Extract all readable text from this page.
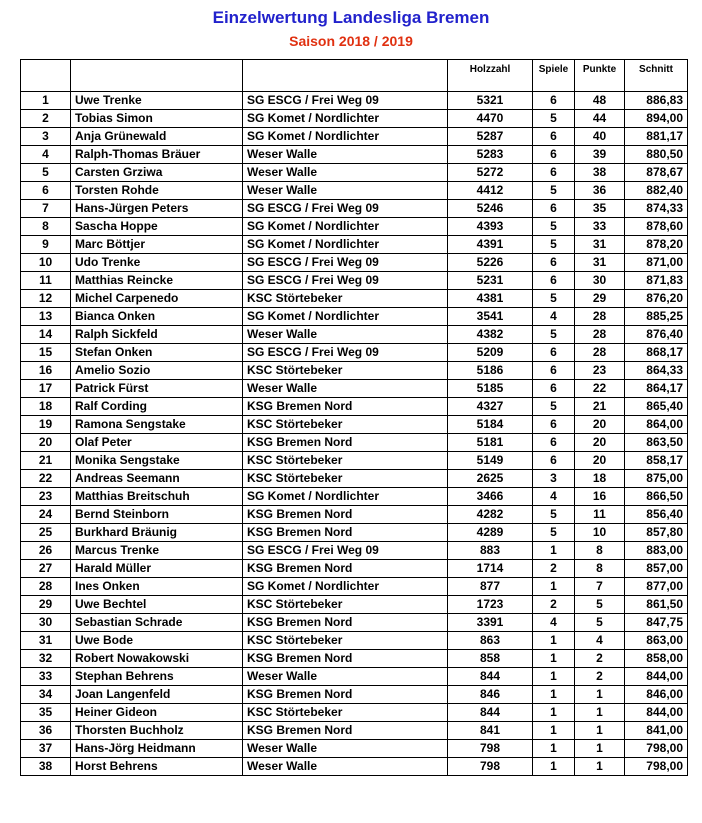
Einzelwertung Landesliga Bremen
Saison 2018 / 2019
			Holzzahl	Spiele	Punkte	Schnitt

1	Uwe Trenke	SG ESCG / Frei Weg 09	5321	6	48	886,83
2	Tobias Simon	SG Komet / Nordlichter	4470	5	44	894,00
3	Anja Grünewald	SG Komet / Nordlichter	5287	6	40	881,17
4	Ralph-Thomas Bräuer	Weser Walle	5283	6	39	880,50
5	Carsten Grziwa	Weser Walle	5272	6	38	878,67
6	Torsten Rohde	Weser Walle	4412	5	36	882,40
7	Hans-Jürgen Peters	SG ESCG / Frei Weg 09	5246	6	35	874,33
8	Sascha Hoppe	SG Komet / Nordlichter	4393	5	33	878,60
9	Marc Böttjer	SG Komet / Nordlichter	4391	5	31	878,20
10	Udo Trenke	SG ESCG / Frei Weg 09	5226	6	31	871,00
11	Matthias Reincke	SG ESCG / Frei Weg 09	5231	6	30	871,83
12	Michel Carpenedo	KSC Störtebeker	4381	5	29	876,20
13	Bianca Onken	SG Komet / Nordlichter	3541	4	28	885,25
14	Ralph Sickfeld	Weser Walle	4382	5	28	876,40
15	Stefan Onken	SG ESCG / Frei Weg 09	5209	6	28	868,17
16	Amelio Sozio	KSC Störtebeker	5186	6	23	864,33
17	Patrick Fürst	Weser Walle	5185	6	22	864,17
18	Ralf Cording	KSG Bremen Nord	4327	5	21	865,40
19	Ramona Sengstake	KSC Störtebeker	5184	6	20	864,00
20	Olaf Peter	KSG Bremen Nord	5181	6	20	863,50
21	Monika Sengstake	KSC Störtebeker	5149	6	20	858,17
22	Andreas Seemann	KSC Störtebeker	2625	3	18	875,00
23	Matthias Breitschuh	SG Komet / Nordlichter	3466	4	16	866,50
24	Bernd Steinborn	KSG Bremen Nord	4282	5	11	856,40
25	Burkhard Bräunig	KSG Bremen Nord	4289	5	10	857,80
26	Marcus Trenke	SG ESCG / Frei Weg 09	883	1	8	883,00
27	Harald Müller	KSG Bremen Nord	1714	2	8	857,00
28	Ines Onken	SG Komet / Nordlichter	877	1	7	877,00
29	Uwe Bechtel	KSC Störtebeker	1723	2	5	861,50
30	Sebastian Schrade	KSG Bremen Nord	3391	4	5	847,75
31	Uwe Bode	KSC Störtebeker	863	1	4	863,00
32	Robert Nowakowski	KSG Bremen Nord	858	1	2	858,00
33	Stephan Behrens	Weser Walle	844	1	2	844,00
34	Joan Langenfeld	KSG Bremen Nord	846	1	1	846,00
35	Heiner Gideon	KSC Störtebeker	844	1	1	844,00
36	Thorsten Buchholz	KSG Bremen Nord	841	1	1	841,00
37	Hans-Jörg Heidmann	Weser Walle	798	1	1	798,00
38	Horst Behrens	Weser Walle	798	1	1	798,00
